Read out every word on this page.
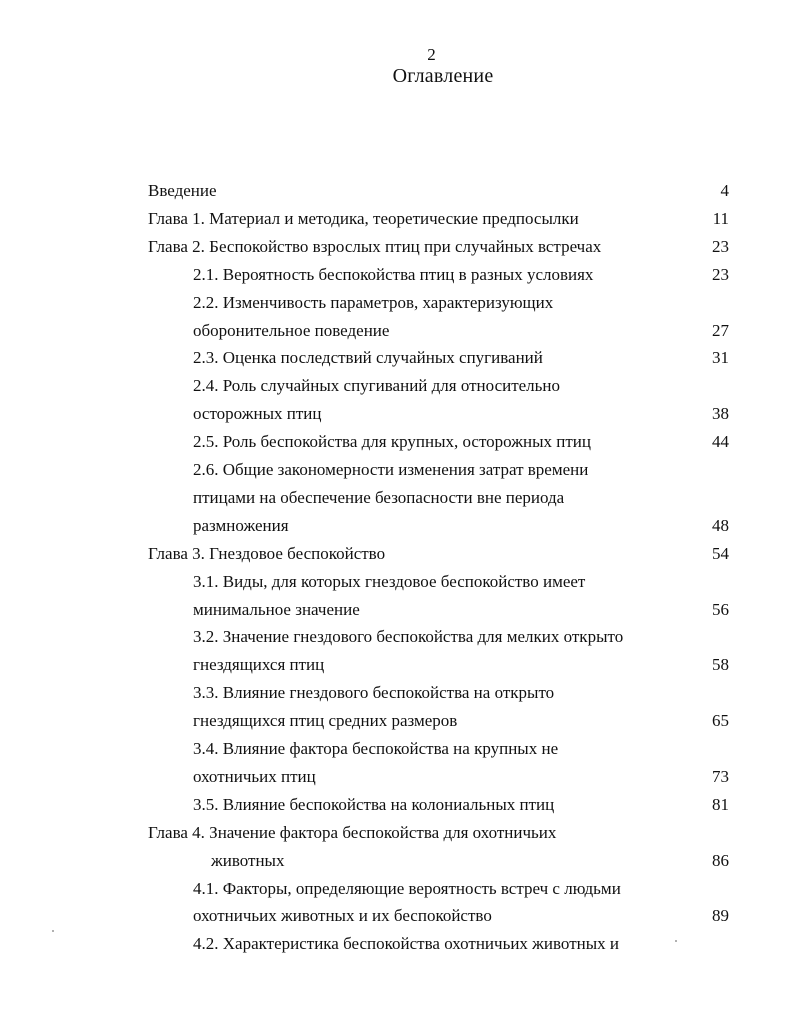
2
Оглавление
Введение	4
Глава 1. Материал и методика, теоретические предпосылки	11
Глава 2. Беспокойство взрослых птиц при случайных встречах	23
2.1. Вероятность беспокойства птиц в разных условиях	23
2.2. Изменчивость параметров, характеризующих
оборонительное поведение	27
2.3. Оценка последствий случайных спугиваний	31
2.4. Роль случайных спугиваний для относительно
осторожных птиц	38
2.5. Роль беспокойства для крупных, осторожных птиц	44
2.6. Общие закономерности изменения затрат времени
птицами на обеспечение безопасности вне периода
размножения	48
Глава 3. Гнездовое беспокойство	54
3.1. Виды, для которых гнездовое беспокойство имеет
минимальное значение	56
3.2. Значение гнездового беспокойства для мелких открыто
гнездящихся птиц	58
3.3. Влияние гнездового беспокойства на открыто
гнездящихся птиц средних размеров	65
3.4. Влияние фактора беспокойства на крупных не
охотничьих птиц	73
3.5. Влияние беспокойства на колониальных птиц	81
Глава 4. Значение фактора беспокойства для охотничьих
животных	86
4.1. Факторы, определяющие вероятность встреч с людьми
охотничьих животных и их беспокойство	89
4.2. Характеристика беспокойства охотничьих животных и
